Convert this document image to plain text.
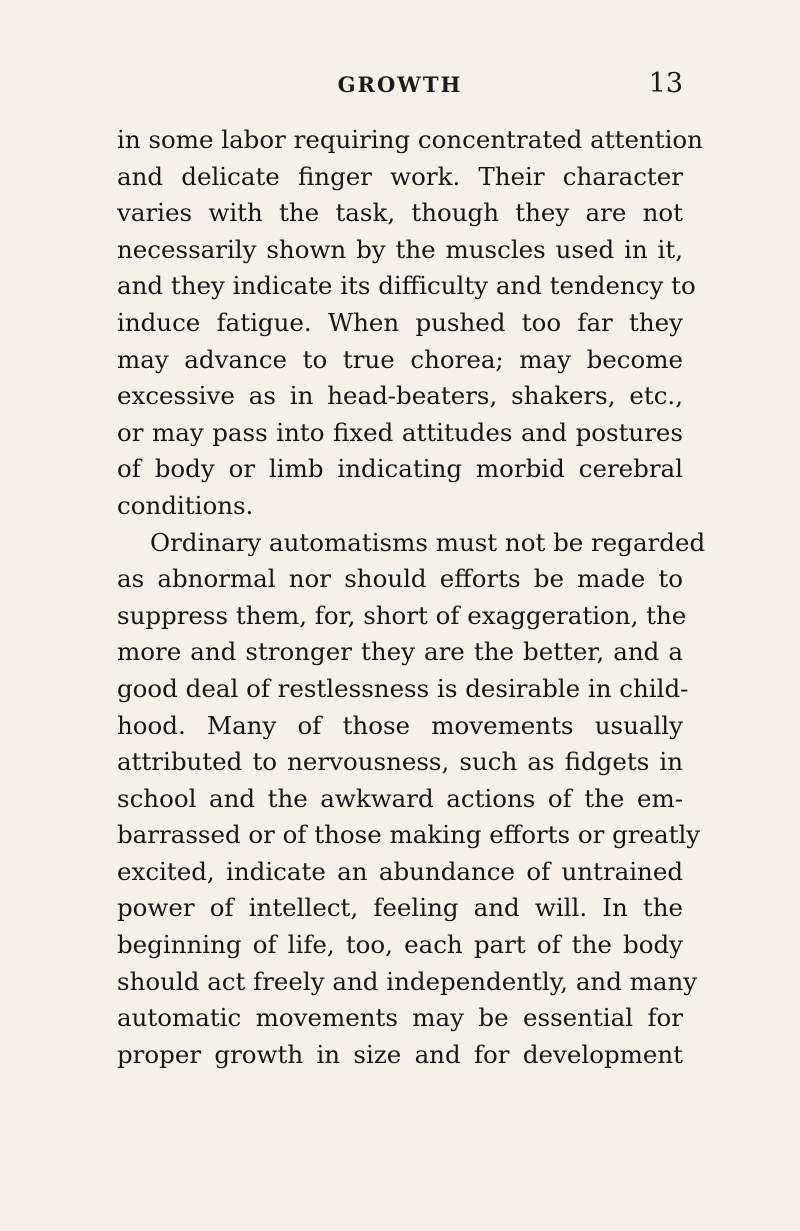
GROWTH	13
in some labor requiring concentrated attention
and delicate finger work. Their character
varies with the task, though they are not
necessarily shown by the muscles used in it,
and they indicate its difficulty and tendency to
induce fatigue. When pushed too far they
may advance to true chorea; may become
excessive as in head-beaters, shakers, etc.,
or may pass into fixed attitudes and postures
of body or limb indicating morbid cerebral
conditions.
Ordinary automatisms must not be regarded
as abnormal nor should efforts be made to
suppress them, for, short of exaggeration, the
more and stronger they are the better, and a
good deal of restlessness is desirable in child-
hood. Many of those movements usually
attributed to nervousness, such as fidgets in
school and the awkward actions of the em-
barrassed or of those making efforts or greatly
excited, indicate an abundance of untrained
power of intellect, feeling and will. In the
beginning of life, too, each part of the body
should act freely and independently, and many
automatic movements may be essential for
proper growth in size and for development
